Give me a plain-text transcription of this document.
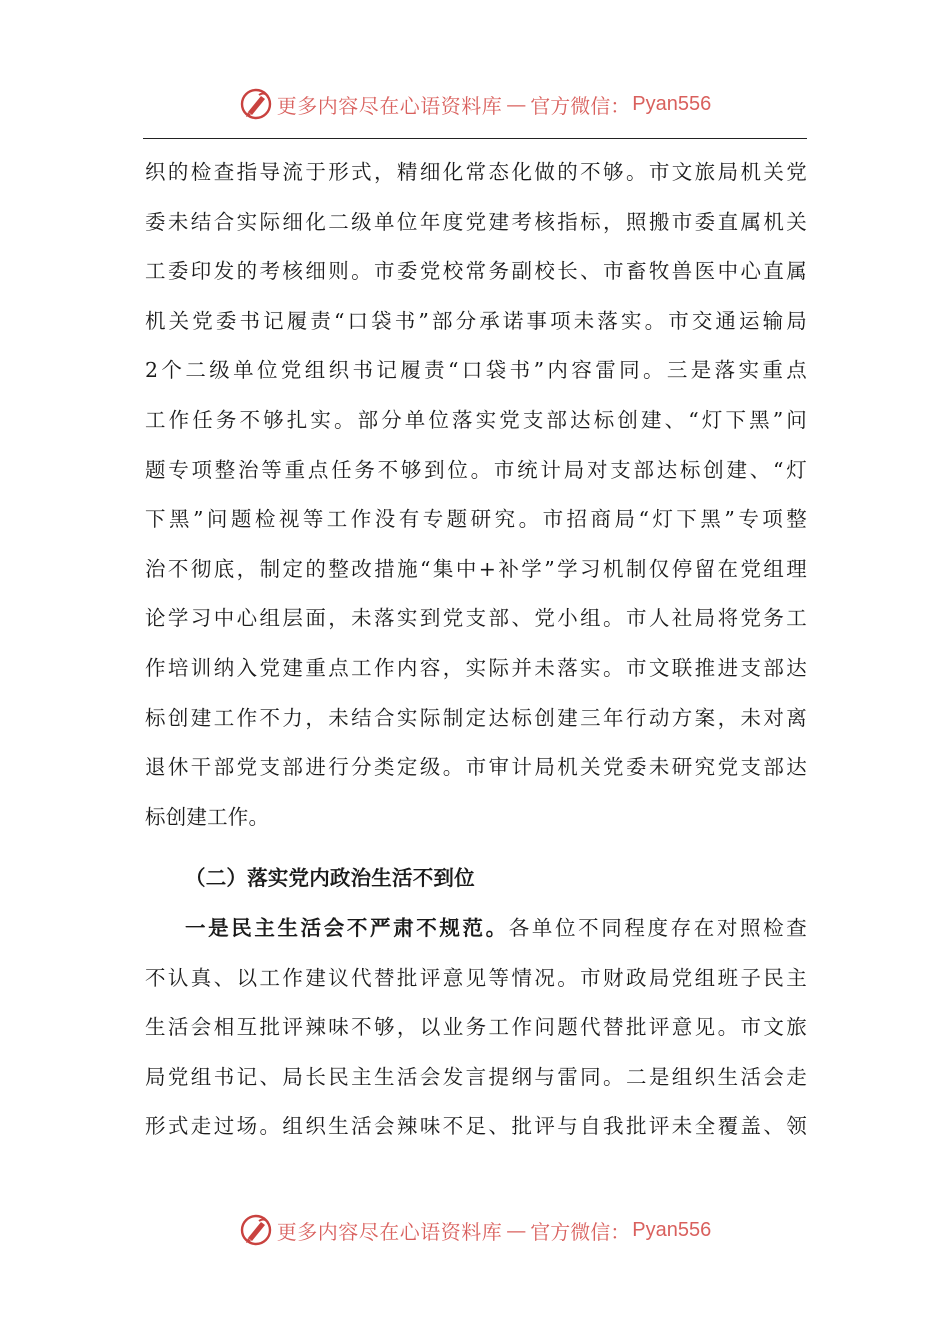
更多内容尽在心语资料库 — 官方微信： Pyan556
织的检查指导流于形式，精细化常态化做的不够。市文旅局机关党
委未结合实际细化二级单位年度党建考核指标，照搬市委直属机关
工委印发的考核细则。市委党校常务副校长、市畜牧兽医中心直属
机关党委书记履责“口袋书”部分承诺事项未落实。市交通运输局
2个二级单位党组织书记履责“口袋书”内容雷同。三是落实重点
工作任务不够扎实。部分单位落实党支部达标创建、“灯下黑”问
题专项整治等重点任务不够到位。市统计局对支部达标创建、“灯
下黑”问题检视等工作没有专题研究。市招商局“灯下黑”专项整
治不彻底，制定的整改措施“集中+补学”学习机制仅停留在党组理
论学习中心组层面，未落实到党支部、党小组。市人社局将党务工
作培训纳入党建重点工作内容，实际并未落实。市文联推进支部达
标创建工作不力，未结合实际制定达标创建三年行动方案，未对离
退休干部党支部进行分类定级。市审计局机关党委未研究党支部达
标创建工作。
（二）落实党内政治生活不到位
一是民主生活会不严肃不规范。各单位不同程度存在对照检查
不认真、以工作建议代替批评意见等情况。市财政局党组班子民主
生活会相互批评辣味不够，以业务工作问题代替批评意见。市文旅
局党组书记、局长民主生活会发言提纲与雷同。二是组织生活会走
形式走过场。组织生活会辣味不足、批评与自我批评未全覆盖、领
更多内容尽在心语资料库 — 官方微信： Pyan556
